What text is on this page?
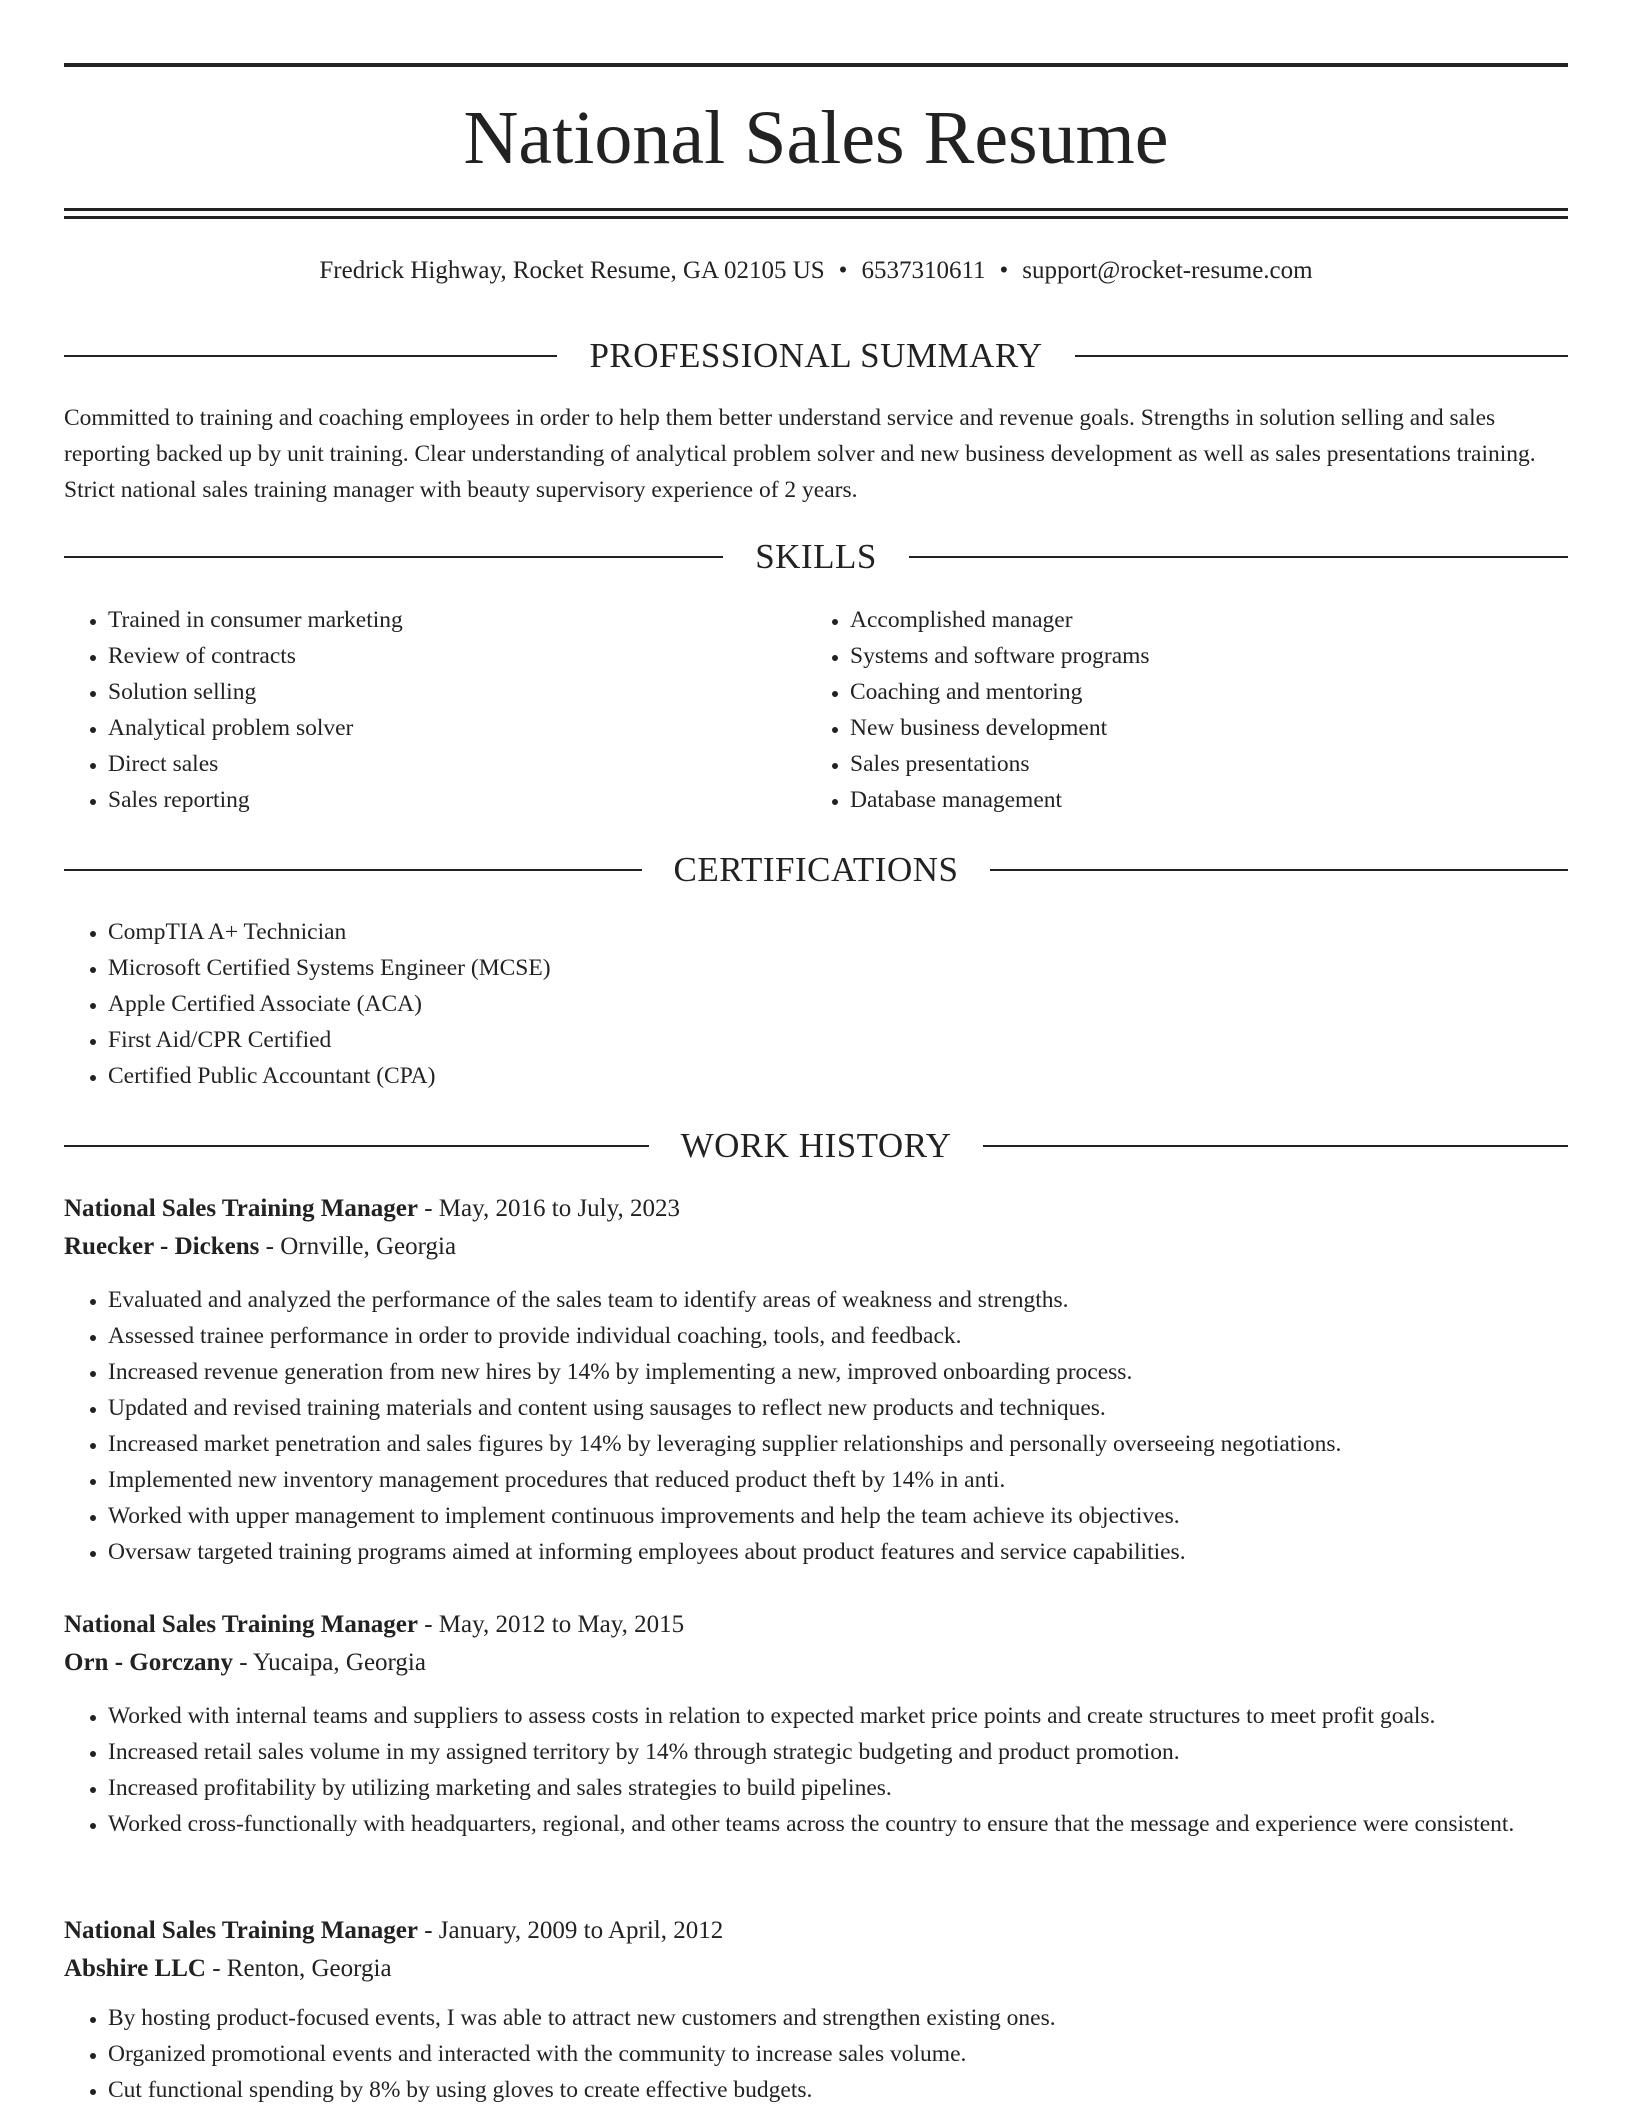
National Sales Resume
Fredrick Highway, Rocket Resume, GA 02105 US • 6537310611 • support@rocket-resume.com
PROFESSIONAL SUMMARY

Committed to training and coaching employees in order to help them better understand service and revenue goals. Strengths in solution selling and sales reporting backed up by unit training. Clear understanding of analytical problem solver and new business development as well as sales presentations training. Strict national sales training manager with beauty supervisory experience of 2 years.

SKILLS
• Trained in consumer marketing
• Review of contracts
• Solution selling
• Analytical problem solver
• Direct sales
• Sales reporting
• Accomplished manager
• Systems and software programs
• Coaching and mentoring
• New business development
• Sales presentations
• Database management
CERTIFICATIONS
• CompTIA A+ Technician
• Microsoft Certified Systems Engineer (MCSE)
• Apple Certified Associate (ACA)
• First Aid/CPR Certified
• Certified Public Accountant (CPA)
WORK HISTORY
National Sales Training Manager - May, 2016 to July, 2023
Ruecker - Dickens - Ornville, Georgia
• Evaluated and analyzed the performance of the sales team to identify areas of weakness and strengths.
• Assessed trainee performance in order to provide individual coaching, tools, and feedback.
• Increased revenue generation from new hires by 14% by implementing a new, improved onboarding process.
• Updated and revised training materials and content using sausages to reflect new products and techniques.
• Increased market penetration and sales figures by 14% by leveraging supplier relationships and personally overseeing negotiations.
• Implemented new inventory management procedures that reduced product theft by 14% in anti.
• Worked with upper management to implement continuous improvements and help the team achieve its objectives.
• Oversaw targeted training programs aimed at informing employees about product features and service capabilities.
National Sales Training Manager - May, 2012 to May, 2015
Orn - Gorczany - Yucaipa, Georgia
• Worked with internal teams and suppliers to assess costs in relation to expected market price points and create structures to meet profit goals.
• Increased retail sales volume in my assigned territory by 14% through strategic budgeting and product promotion.
• Increased profitability by utilizing marketing and sales strategies to build pipelines.
• Worked cross-functionally with headquarters, regional, and other teams across the country to ensure that the message and experience were consistent.
National Sales Training Manager - January, 2009 to April, 2012
Abshire LLC - Renton, Georgia
• By hosting product-focused events, I was able to attract new customers and strengthen existing ones.
• Organized promotional events and interacted with the community to increase sales volume.
• Cut functional spending by 8% by using gloves to create effective budgets.
